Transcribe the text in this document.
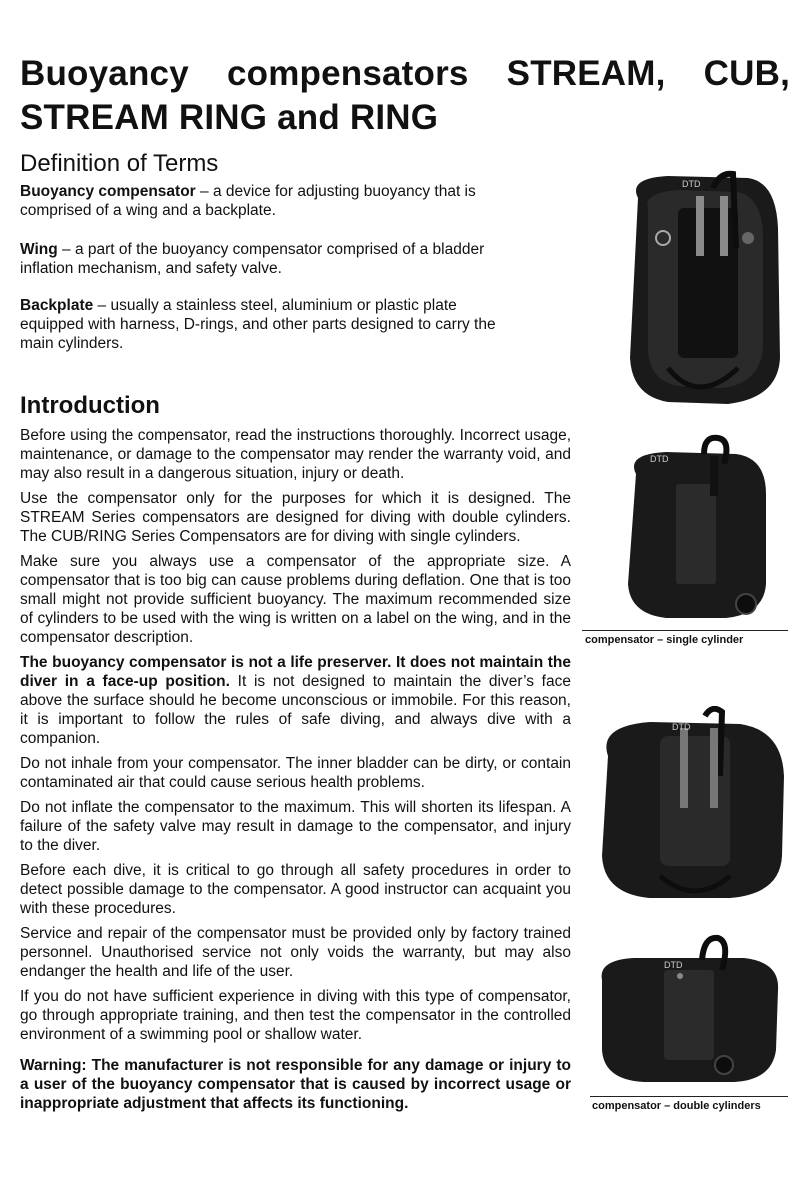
Buoyancy compensators STREAM, CUB, STREAM RING and RING
Definition of Terms
Buoyancy compensator – a device for adjusting buoyancy that is comprised of a wing and a backplate.
Wing – a part of the buoyancy compensator comprised of a bladder inflation mechanism, and safety valve.
Backplate – usually a stainless steel, aluminium or plastic plate equipped with harness, D-rings, and other parts designed to carry the main cylinders.
Introduction

Before using the compensator, read the instructions thoroughly. Incorrect usage, maintenance, or damage to the compensator may render the warranty void, and may also result in a dangerous situation, injury or death.

Use the compensator only for the purposes for which it is designed. The STREAM Series compensators are designed for diving with double cylinders. The CUB/RING Series Compensators are for diving with single cylinders.

Make sure you always use a compensator of the appropriate size. A compensator that is too big can cause problems during deflation. One that is too small might not provide sufficient buoyancy. The maximum recommended size of cylinders to be used with the wing is written on a label on the wing, and in the compensator description.

The buoyancy compensator is not a life preserver. It does not maintain the diver in a face-up position. It is not designed to maintain the diver’s face above the surface should he become unconscious or immobile. For this reason, it is important to follow the rules of safe diving, and always dive with a companion.

Do not inhale from your compensator. The inner bladder can be dirty, or contain contaminated air that could cause serious health problems.

Do not inflate the compensator to the maximum. This will shorten its lifespan. A failure of the safety valve may result in damage to the compensator, and injury to the diver.

Before each dive, it is critical to go through all safety procedures in order to detect possible damage to the compensator. A good instructor can acquaint you with these procedures.

Service and repair of the compensator must be provided only by factory trained personnel. Unauthorised service not only voids the warranty, but may also endanger the health and life of the user.

If you do not have sufficient experience in diving with this type of compensator, go through appropriate training, and then test the compensator in the controlled environment of a swimming pool or shallow water.

Warning: The manufacturer is not responsible for any damage or injury to a user of the buoyancy compensator that is caused by incorrect usage or inappropriate adjustment that affects its functioning.

DTD
DTD
compensator – single cylinder
DTD
DTD
compensator – double cylinders
